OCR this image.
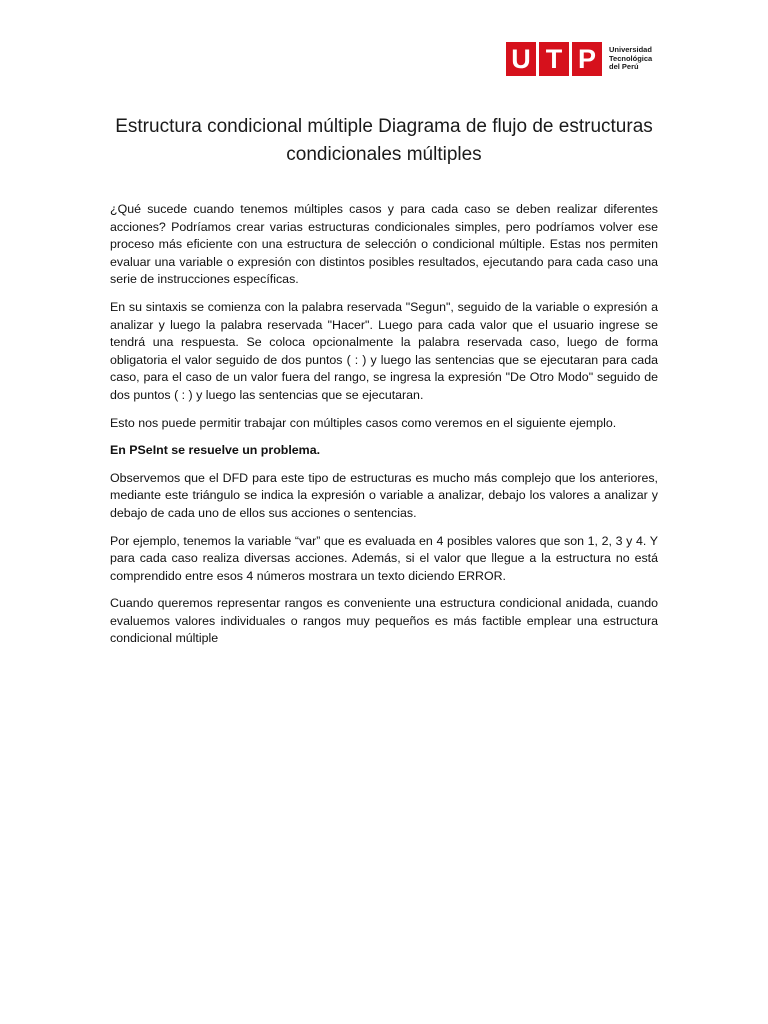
U T P	Universidad
Tecnológica
del Perú
Estructura condicional múltiple Diagrama de flujo de estructuras condicionales múltiples

¿Qué sucede cuando tenemos múltiples casos y para cada caso se deben realizar diferentes acciones? Podríamos crear varias estructuras condicionales simples, pero podríamos volver ese proceso más eficiente con una estructura de selección o condicional múltiple. Estas nos permiten evaluar una variable o expresión con distintos posibles resultados, ejecutando para cada caso una serie de instrucciones específicas.

En su sintaxis se comienza con la palabra reservada "Segun", seguido de la variable o expresión a analizar y luego la palabra reservada "Hacer". Luego para cada valor que el usuario ingrese se tendrá una respuesta. Se coloca opcionalmente la palabra reservada caso, luego de forma obligatoria el valor seguido de dos puntos ( : ) y luego las sentencias que se ejecutaran para cada caso, para el caso de un valor fuera del rango, se ingresa la expresión "De Otro Modo" seguido de dos puntos ( : ) y luego las sentencias que se ejecutaran.

Esto nos puede permitir trabajar con múltiples casos como veremos en el siguiente ejemplo.

En PSeInt se resuelve un problema.

Observemos que el DFD para este tipo de estructuras es mucho más complejo que los anteriores, mediante este triángulo se indica la expresión o variable a analizar, debajo los valores a analizar y debajo de cada uno de ellos sus acciones o sentencias.

Por ejemplo, tenemos la variable “var” que es evaluada en 4 posibles valores que son 1, 2, 3 y 4. Y para cada caso realiza diversas acciones. Además, si el valor que llegue a la estructura no está comprendido entre esos 4 números mostrara un texto diciendo ERROR.

Cuando queremos representar rangos es conveniente una estructura condicional anidada, cuando evaluemos valores individuales o rangos muy pequeños es más factible emplear una estructura condicional múltiple
